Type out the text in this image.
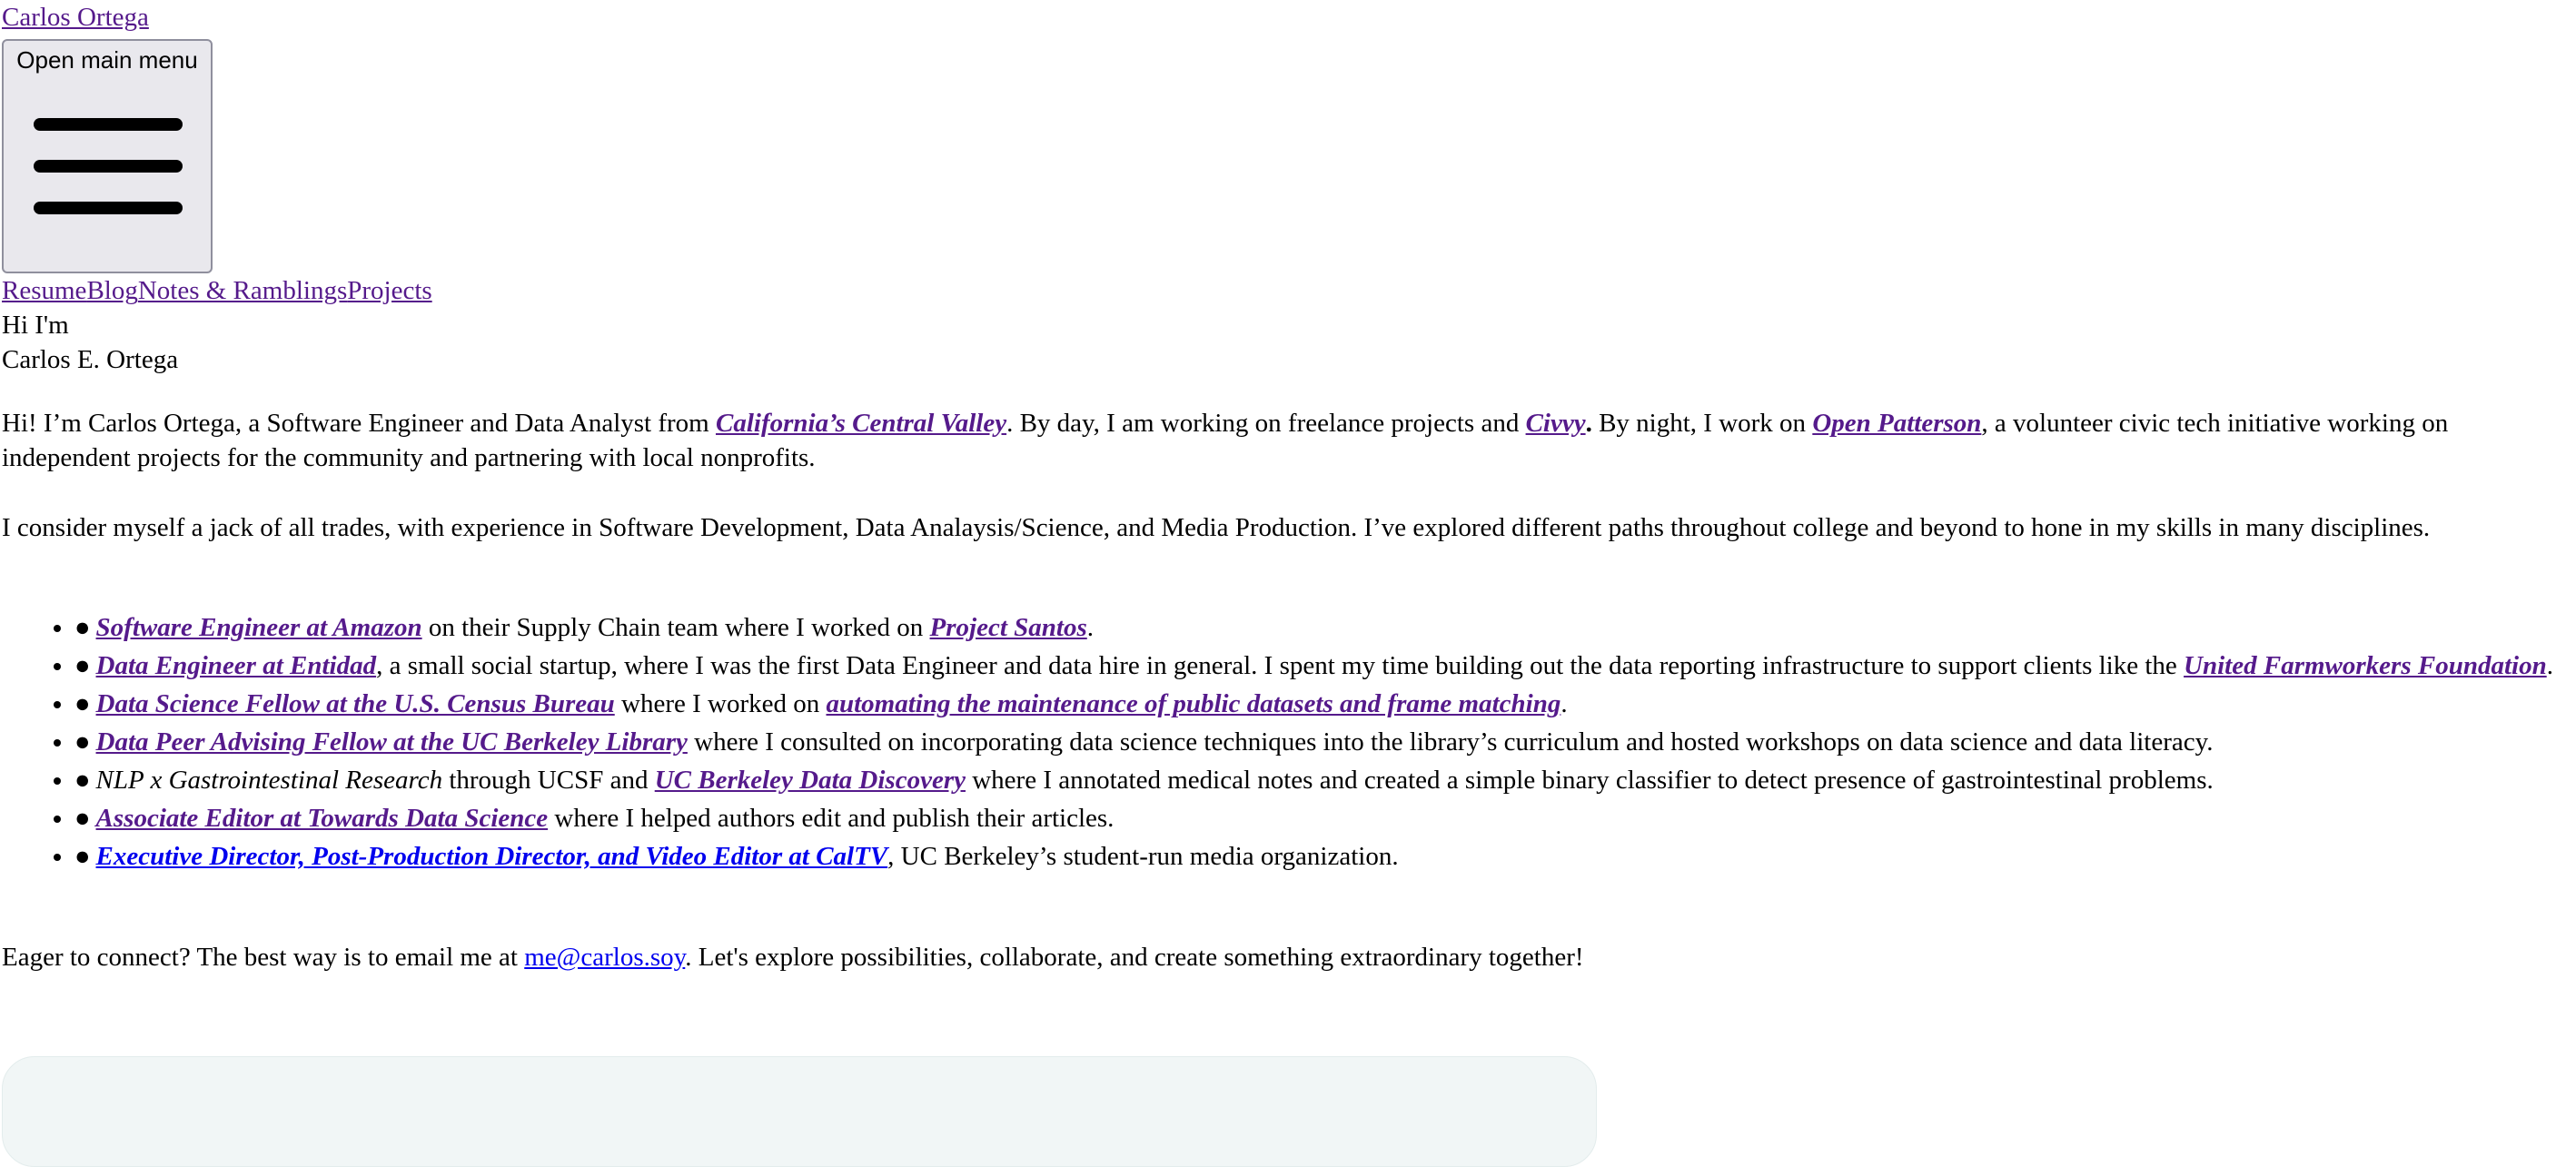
Carlos Ortega
Open main menu
ResumeBlogNotes & RamblingsProjects
Hi I'm
Carlos E. Ortega

Hi! I’m Carlos Ortega, a Software Engineer and Data Analyst from California’s Central Valley. By day, I am working on freelance projects and Civvy. By night, I work on Open Patterson, a volunteer civic tech initiative working on independent projects for the community and partnering with local nonprofits.

I consider myself a jack of all trades, with experience in Software Development, Data Analaysis/Science, and Media Production. I’ve explored different paths throughout college and beyond to hone in my skills in many disciplines.

• ● Software Engineer at Amazon on their Supply Chain team where I worked on Project Santos.
• ● Data Engineer at Entidad, a small social startup, where I was the first Data Engineer and data hire in general. I spent my time building out the data reporting infrastructure to support clients like the United Farmworkers Foundation.
• ● Data Science Fellow at the U.S. Census Bureau where I worked on automating the maintenance of public datasets and frame matching.
• ● Data Peer Advising Fellow at the UC Berkeley Library where I consulted on incorporating data science techniques into the library’s curriculum and hosted workshops on data science and data literacy.
• ● NLP x Gastrointestinal Research through UCSF and UC Berkeley Data Discovery where I annotated medical notes and created a simple binary classifier to detect presence of gastrointestinal problems.
• ● Associate Editor at Towards Data Science where I helped authors edit and publish their articles.
• ● Executive Director, Post-Production Director, and Video Editor at CalTV, UC Berkeley’s student-run media organization.

Eager to connect? The best way is to email me at me@carlos.soy. Let's explore possibilities, collaborate, and create something extraordinary together!
